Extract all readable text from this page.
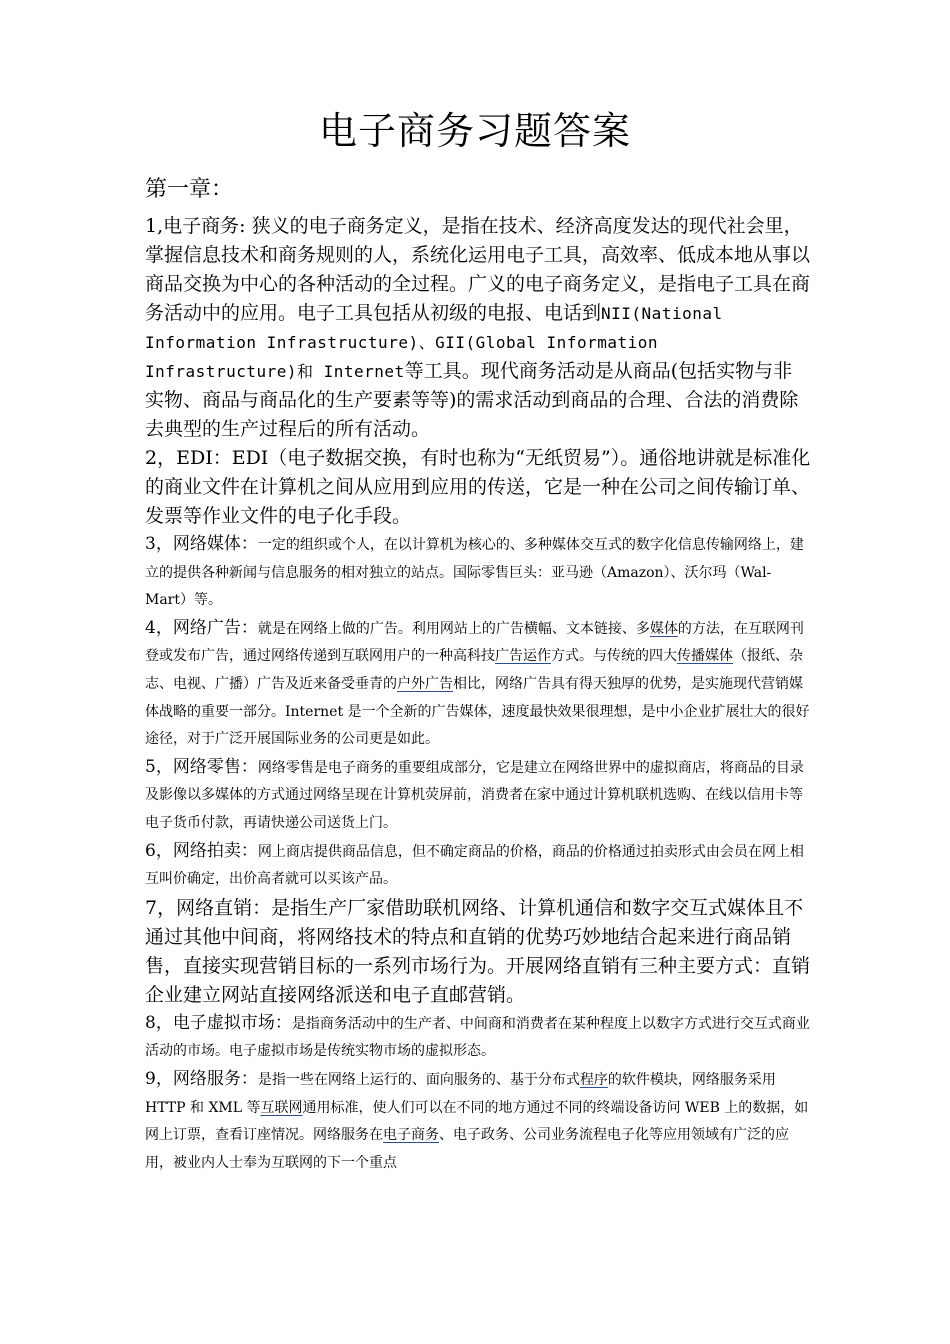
电子商务习题答案
第一章：

1,电子商务: 狭义的电子商务定义，是指在技术、经济高度发达的现代社会里，掌握信息技术和商务规则的人，系统化运用电子工具，高效率、低成本地从事以商品交换为中心的各种活动的全过程。广义的电子商务定义，是指电子工具在商务活动中的应用。电子工具包括从初级的电报、电话到NII(National Information Infrastructure)、GII(Global Information Infrastructure)和 Internet等工具。现代商务活动是从商品(包括实物与非实物、商品与商品化的生产要素等等)的需求活动到商品的合理、合法的消费除去典型的生产过程后的所有活动。

2，EDI：EDI（电子数据交换，有时也称为“无纸贸易”）。通俗地讲就是标准化的商业文件在计算机之间从应用到应用的传送，它是一种在公司之间传输订单、发票等作业文件的电子化手段。

3，网络媒体：一定的组织或个人，在以计算机为核心的、多种媒体交互式的数字化信息传输网络上，建立的提供各种新闻与信息服务的相对独立的站点。国际零售巨头：亚马逊（Amazon）、沃尔玛（Wal-Mart）等。

4，网络广告：就是在网络上做的广告。利用网站上的广告横幅、文本链接、多媒体的方法，在互联网刊登或发布广告，通过网络传递到互联网用户的一种高科技广告运作方式。与传统的四大传播媒体（报纸、杂志、电视、广播）广告及近来备受垂青的户外广告相比，网络广告具有得天独厚的优势，是实施现代营销媒体战略的重要一部分。Internet 是一个全新的广告媒体，速度最快效果很理想，是中小企业扩展壮大的很好途径，对于广泛开展国际业务的公司更是如此。

5，网络零售：网络零售是电子商务的重要组成部分，它是建立在网络世界中的虚拟商店，将商品的目录及影像以多媒体的方式通过网络呈现在计算机荧屏前，消费者在家中通过计算机联机选购、在线以信用卡等电子货币付款，再请快递公司送货上门。

6，网络拍卖：网上商店提供商品信息，但不确定商品的价格，商品的价格通过拍卖形式由会员在网上相互叫价确定，出价高者就可以买该产品。

7，网络直销：是指生产厂家借助联机网络、计算机通信和数字交互式媒体且不通过其他中间商，将网络技术的特点和直销的优势巧妙地结合起来进行商品销售，直接实现营销目标的一系列市场行为。开展网络直销有三种主要方式：直销企业建立网站直接网络派送和电子直邮营销。

8，电子虚拟市场：是指商务活动中的生产者、中间商和消费者在某种程度上以数字方式进行交互式商业活动的市场。电子虚拟市场是传统实物市场的虚拟形态。

9，网络服务：是指一些在网络上运行的、面向服务的、基于分布式程序的软件模块，网络服务采用 HTTP 和 XML 等互联网通用标准，使人们可以在不同的地方通过不同的终端设备访问 WEB 上的数据，如网上订票，查看订座情况。网络服务在电子商务、电子政务、公司业务流程电子化等应用领域有广泛的应用，被业内人士奉为互联网的下一个重点
